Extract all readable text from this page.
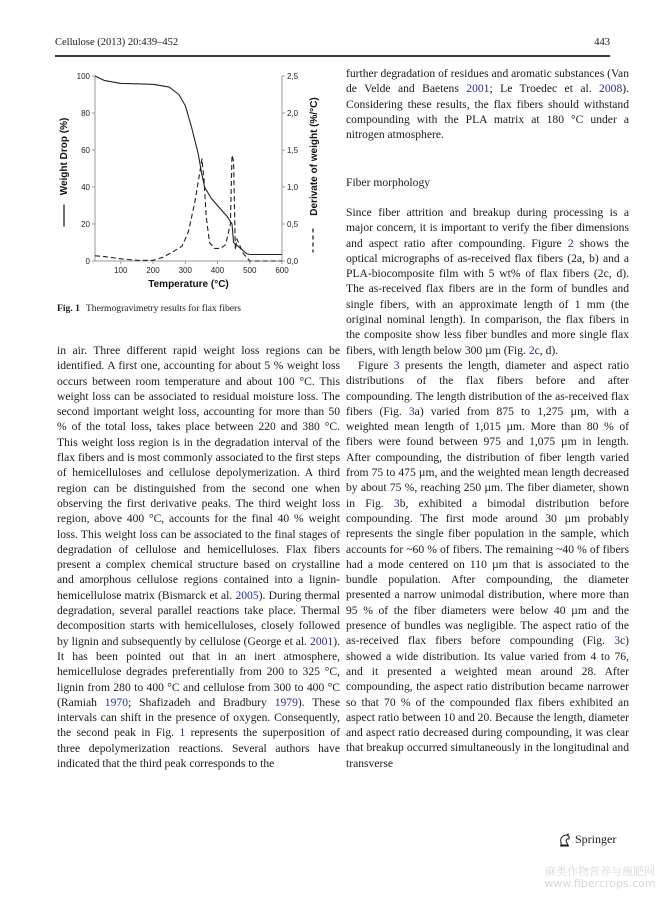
Cellulose (2013) 20:439–452	443
0
20
40
60
80
100
0,0
0,5
1,0
1,5
2,0
2,5
100 200 300 400 500 600
Temperature (°C)
Weight Drop (%)	Derivate of weight (%/°C)
Fig. 1 Thermogravimetry results for flax fibers

in air. Three different rapid weight loss regions can be identified. A first one, accounting for about 5 % weight loss occurs between room temperature and about 100 °C. This weight loss can be associated to residual moisture loss. The second important weight loss, accounting for more than 50 % of the total loss, takes place between 220 and 380 °C. This weight loss region is in the degradation interval of the flax fibers and is most commonly associated to the first steps of hemicelluloses and cellulose depolymerization. A third region can be distinguished from the second one when observing the first derivative peaks. The third weight loss region, above 400 °C, accounts for the final 40 % weight loss. This weight loss can be associated to the final stages of degradation of cellulose and hemicelluloses. Flax fibers present a complex chemical structure based on crystalline and amorphous cellulose regions contained into a lignin-hemicellulose matrix (Bismarck et al. 2005). During thermal degradation, several parallel reactions take place. Thermal decomposition starts with hemicelluloses, closely followed by lignin and subsequently by cellulose (George et al. 2001). It has been pointed out that in an inert atmosphere, hemicellulose degrades preferentially from 200 to 325 °C, lignin from 280 to 400 °C and cellulose from 300 to 400 °C (Ramiah 1970; Shafizadeh and Bradbury 1979). These intervals can shift in the presence of oxygen. Consequently, the second peak in Fig. 1 represents the superposition of three depolymerization reactions. Several authors have indicated that the third peak corresponds to the

further degradation of residues and aromatic substances (Van de Velde and Baetens 2001; Le Troedec et al. 2008). Considering these results, the flax fibers should withstand compounding with the PLA matrix at 180 °C under a nitrogen atmosphere.

Fiber morphology

Since fiber attrition and breakup during processing is a major concern, it is important to verify the fiber dimensions and aspect ratio after compounding. Figure 2 shows the optical micrographs of as-received flax fibers (2a, b) and a PLA-biocomposite film with 5 wt% of flax fibers (2c, d). The as-received flax fibers are in the form of bundles and single fibers, with an approximate length of 1 mm (the original nominal length). In comparison, the flax fibers in the composite show less fiber bundles and more single flax fibers, with length below 300 µm (Fig. 2c, d).

Figure 3 presents the length, diameter and aspect ratio distributions of the flax fibers before and after compounding. The length distribution of the as-received flax fibers (Fig. 3a) varied from 875 to 1,275 µm, with a weighted mean length of 1,015 µm. More than 80 % of fibers were found between 975 and 1,075 µm in length. After compounding, the distribution of fiber length varied from 75 to 475 µm, and the weighted mean length decreased by about 75 %, reaching 250 µm. The fiber diameter, shown in Fig. 3b, exhibited a bimodal distribution before compounding. The first mode around 30 µm probably represents the single fiber population in the sample, which accounts for ~60 % of fibers. The remaining ~40 % of fibers had a mode centered on 110 µm that is associated to the bundle population. After compounding, the diameter presented a narrow unimodal distribution, where more than 95 % of the fiber diameters were below 40 µm and the presence of bundles was negligible. The aspect ratio of the as-received flax fibers before compounding (Fig. 3c) showed a wide distribution. Its value varied from 4 to 76, and it presented a weighted mean around 28. After compounding, the aspect ratio distribution became narrower so that 70 % of the compounded flax fibers exhibited an aspect ratio between 10 and 20. Because the length, diameter and aspect ratio decreased during compounding, it was clear that breakup occurred simultaneously in the longitudinal and transverse

Springer
麻类作物营养与施肥网
www.fibercrops.com
